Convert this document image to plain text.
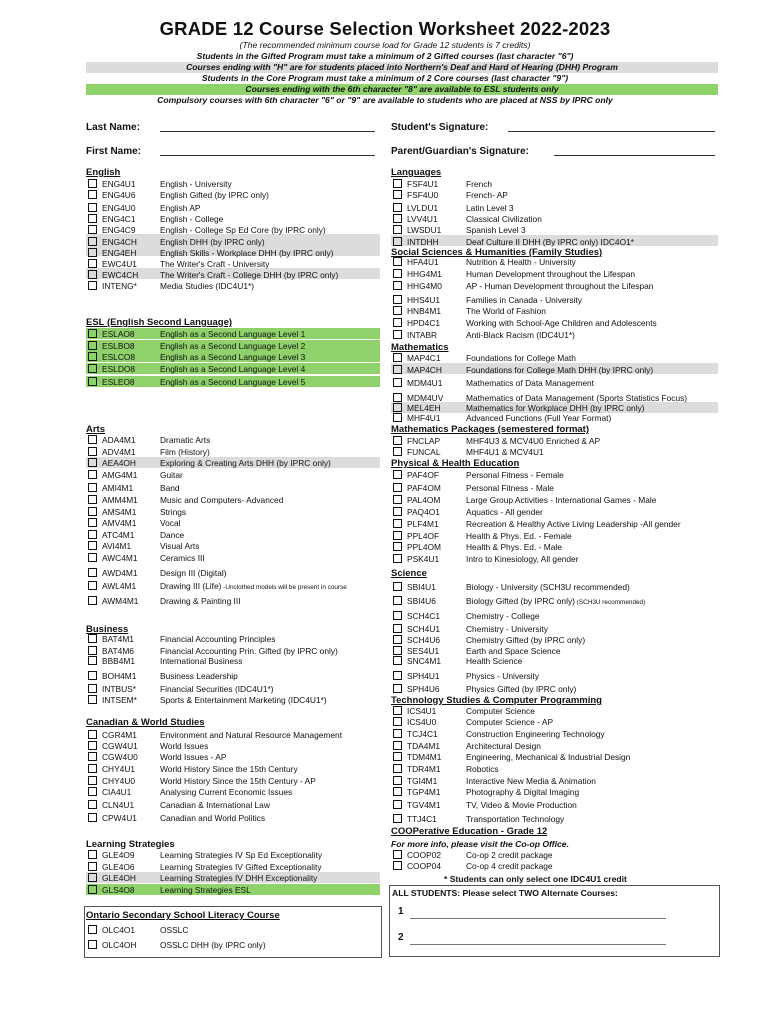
GRADE 12 Course Selection Worksheet 2022-2023
(The recommended minimum course load for Grade 12 students is 7 credits)
Students in the Gifted Program must take a minimum of 2 Gifted courses (last character "6")
Courses ending with "H" are for students placed into Northern's Deaf and Hard of Hearing (DHH) Program
Students in the Core Program must take a minimum of 2 Core courses (last character "9")
Courses ending with the 6th character "8" are available to ESL students only
Compulsory courses with 6th character "6" or "9" are available to students who are placed at NSS by IPRC only
Last Name:
First Name:
Student's Signature:
Parent/Guardian's Signature:
English
ESL (English Second Language)
Arts
Business
Canadian & World Studies
Learning Strategies
Ontario Secondary School Literacy Course
Languages
Social Sciences & Humanities (Family Studies)
Mathematics
Mathematics Packages (semestered format)
Physical & Health Education
Science
Technology Studies & Computer Programming
COOPerative Education - Grade 12
For more info, please visit the Co-op Office.
* Students can only select one IDC4U1 credit
ALL STUDENTS: Please select TWO Alternate Courses:
1
2
ENG4U1	English - University
ENG4U6	English Gifted (by IPRC only)
ENG4U0	English AP
ENG4C1	English - College
ENG4C9	English - College Sp Ed Core (by IPRC only)
ENG4CH	English DHH (by IPRC only)
ENG4EH	English Skills - Workplace DHH (by IPRC only)
EWC4U1	The Writer's Craft - University
EWC4CH	The Writer's Craft - College DHH (by IPRC only)
INTENG*	Media Studies (IDC4U1*)
ESLAO8	English as a Second Language Level 1
ESLBO8	English as a Second Language Level 2
ESLCO8	English as a Second Language Level 3
ESLDO8	English as a Second Language Level 4
ESLEO8	English as a Second Language Level 5
ADA4M1	Dramatic Arts
ADV4M1	Film (History)
AEA4OH	Exploring & Creating Arts DHH (by IPRC only)
AMG4M1	Guitar
AMI4M1	Band
AMM4M1	Music and Computers- Advanced
AMS4M1	Strings
AMV4M1	Vocal
ATC4M1	Dance
AVI4M1	Visual Arts
AWC4M1	Ceramics III
AWD4M1	Design III (Digital)
AWL4M1	Drawing III (Life) -Unclothed models will be present in course
AWM4M1	Drawing & Painting III
BAT4M1	Financial Accounting Principles
BAT4M6	Financial Accounting Prin. Gifted (by IPRC only)
BBB4M1	International Business
BOH4M1	Business Leadership
INTBUS*	Financial Securities (IDC4U1*)
INTSEM*	Sports & Entertainment Marketing (IDC4U1*)
CGR4M1	Environment and Natural Resource Management
CGW4U1	World Issues
CGW4U0	World Issues - AP
CHY4U1	World History Since the 15th Century
CHY4U0	World History Since the 15th Century - AP
CIA4U1	Analysing Current Economic Issues
CLN4U1	Canadian & International Law
CPW4U1	Canadian and World Politics
GLE4O9	Learning Strategies IV Sp Ed Exceptionality
GLE4O6	Learning Strategies IV Gifted Exceptionality
GLE4OH	Learning Strategies IV DHH Exceptionality
GLS4O8	Learning Strategies ESL
OLC4O1	OSSLC
OLC4OH	OSSLC DHH (by IPRC only)
FSF4U1	French
FSF4U0	French- AP
LVLDU1	Latin Level 3
LVV4U1	Classical Civilization
LWSDU1	Spanish Level 3
INTDHH	Deaf Culture II DHH (By IPRC only) IDC4O1*
HFA4U1	Nutrition & Health - University
HHG4M1	Human Development throughout the Lifespan
HHG4M0	AP - Human Development throughout the Lifespan
HHS4U1	Families in Canada - University
HNB4M1	The World of Fashion
HPD4C1	Working with School-Age Children and Adolescents
INTABR	Anti-Black Racism (IDC4U1*)
MAP4C1	Foundations for College Math
MAP4CH	Foundations for College Math DHH (by IPRC only)
MDM4U1	Mathematics of Data Management
MDM4UV	Mathematics of Data Management (Sports Statistics Focus)
MEL4EH	Mathematics for Workplace DHH (by IPRC only)
MHF4U1	Advanced Functions (Full Year Format)
FNCLAP	MHF4U3 & MCV4U0 Enriched & AP
FUNCAL	MHF4U1 & MCV4U1
PAF4OF	Personal Fitness - Female
PAF4OM	Personal Fitness - Male
PAL4OM	Large Group Activities - International Games - Male
PAQ4O1	Aquatics - All gender
PLF4M1	Recreation & Healthy Active Living Leadership -All gender
PPL4OF	Health & Phys. Ed. - Female
PPL4OM	Health & Phys. Ed. - Male
PSK4U1	Intro to Kinesiology, All gender
SBI4U1	Biology - University (SCH3U recommended)
SBI4U6	Biology Gifted (by IPRC only) (SCH3U recommended)
SCH4C1	Chemistry - College
SCH4U1	Chemistry - University
SCH4U6	Chemistry Gifted (by IPRC only)
SES4U1	Earth and Space Science
SNC4M1	Health Science
SPH4U1	Physics - University
SPH4U6	Physics Gifted (by IPRC only)
ICS4U1	Computer Science
ICS4U0	Computer Science - AP
TCJ4C1	Construction Engineering Technology
TDA4M1	Architectural Design
TDM4M1	Engineering, Mechanical & Industrial Design
TDR4M1	Robotics
TGI4M1	Interactive New Media & Animation
TGP4M1	Photography & Digital Imaging
TGV4M1	TV, Video & Movie Production
TTJ4C1	Transportation Technology
COOP02	Co-op 2 credit package
COOP04	Co-op 4 credit package
